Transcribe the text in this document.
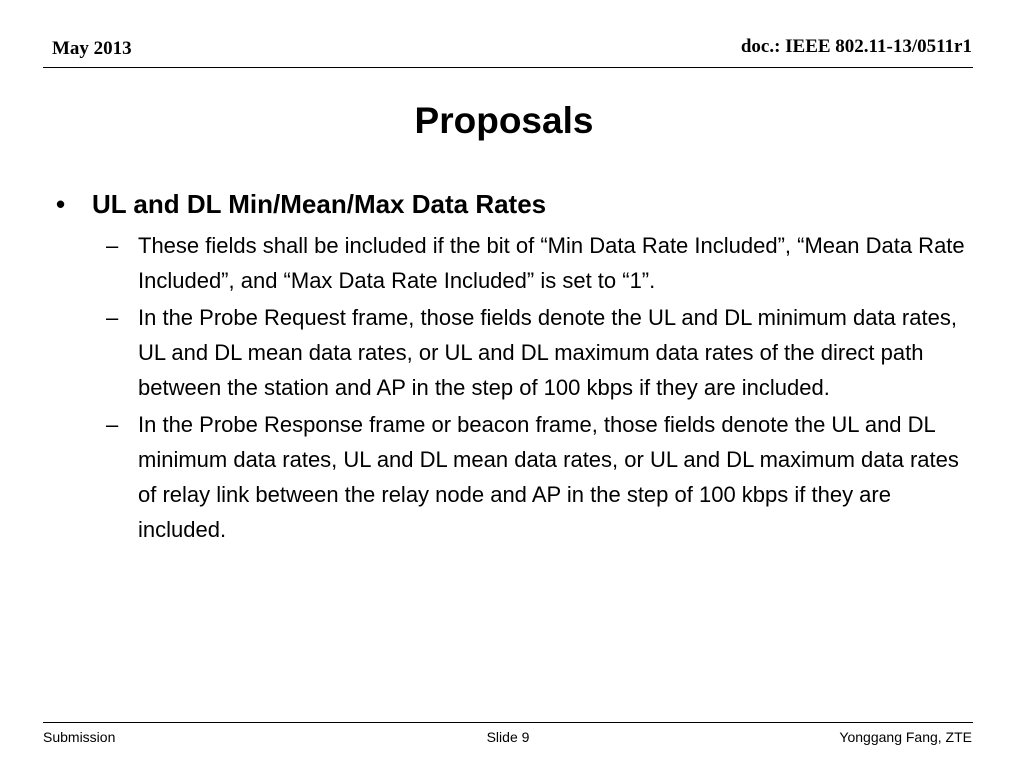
May 2013	doc.: IEEE 802.11-13/0511r1
Proposals
• UL and DL Min/Mean/Max Data Rates
– These fields shall be included if the bit of “Min Data Rate Included”, “Mean Data Rate Included”, and “Max Data Rate Included” is set to “1”.
– In the Probe Request frame, those fields denote the UL and DL minimum data rates, UL and DL mean data rates, or UL and DL maximum data rates of the direct path between the station and AP in the step of 100 kbps if they are included.
– In the Probe Response frame or beacon frame, those fields denote the UL and DL minimum data rates, UL and DL mean data rates, or UL and DL maximum data rates of relay link between the relay node and AP in the step of 100 kbps if they are included.
Submission	Slide 9	Yonggang Fang, ZTE
